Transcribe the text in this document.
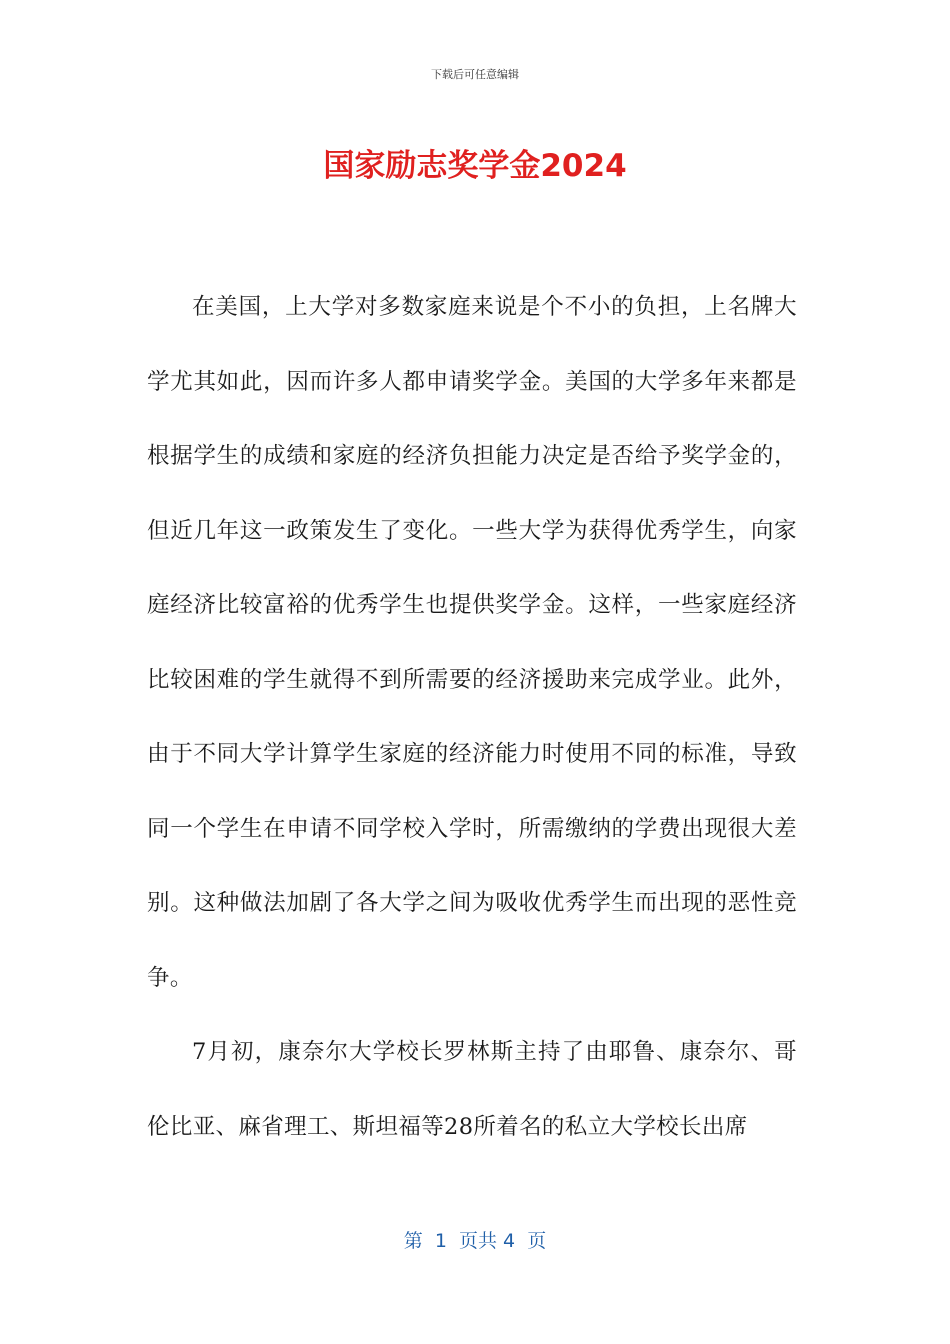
下载后可任意编辑
国家励志奖学金2024

在美国，上大学对多数家庭来说是个不小的负担，上名牌大学尤其如此，因而许多人都申请奖学金。美国的大学多年来都是根据学生的成绩和家庭的经济负担能力决定是否给予奖学金的，但近几年这一政策发生了变化。一些大学为获得优秀学生，向家庭经济比较富裕的优秀学生也提供奖学金。这样，一些家庭经济比较困难的学生就得不到所需要的经济援助来完成学业。此外，由于不同大学计算学生家庭的经济能力时使用不同的标准，导致同一个学生在申请不同学校入学时，所需缴纳的学费出现很大差别。这种做法加剧了各大学之间为吸收优秀学生而出现的恶性竞争。

7月初，康奈尔大学校长罗林斯主持了由耶鲁、康奈尔、哥伦比亚、麻省理工、斯坦福等28所着名的私立大学校长出席

第  1  页共 4  页
